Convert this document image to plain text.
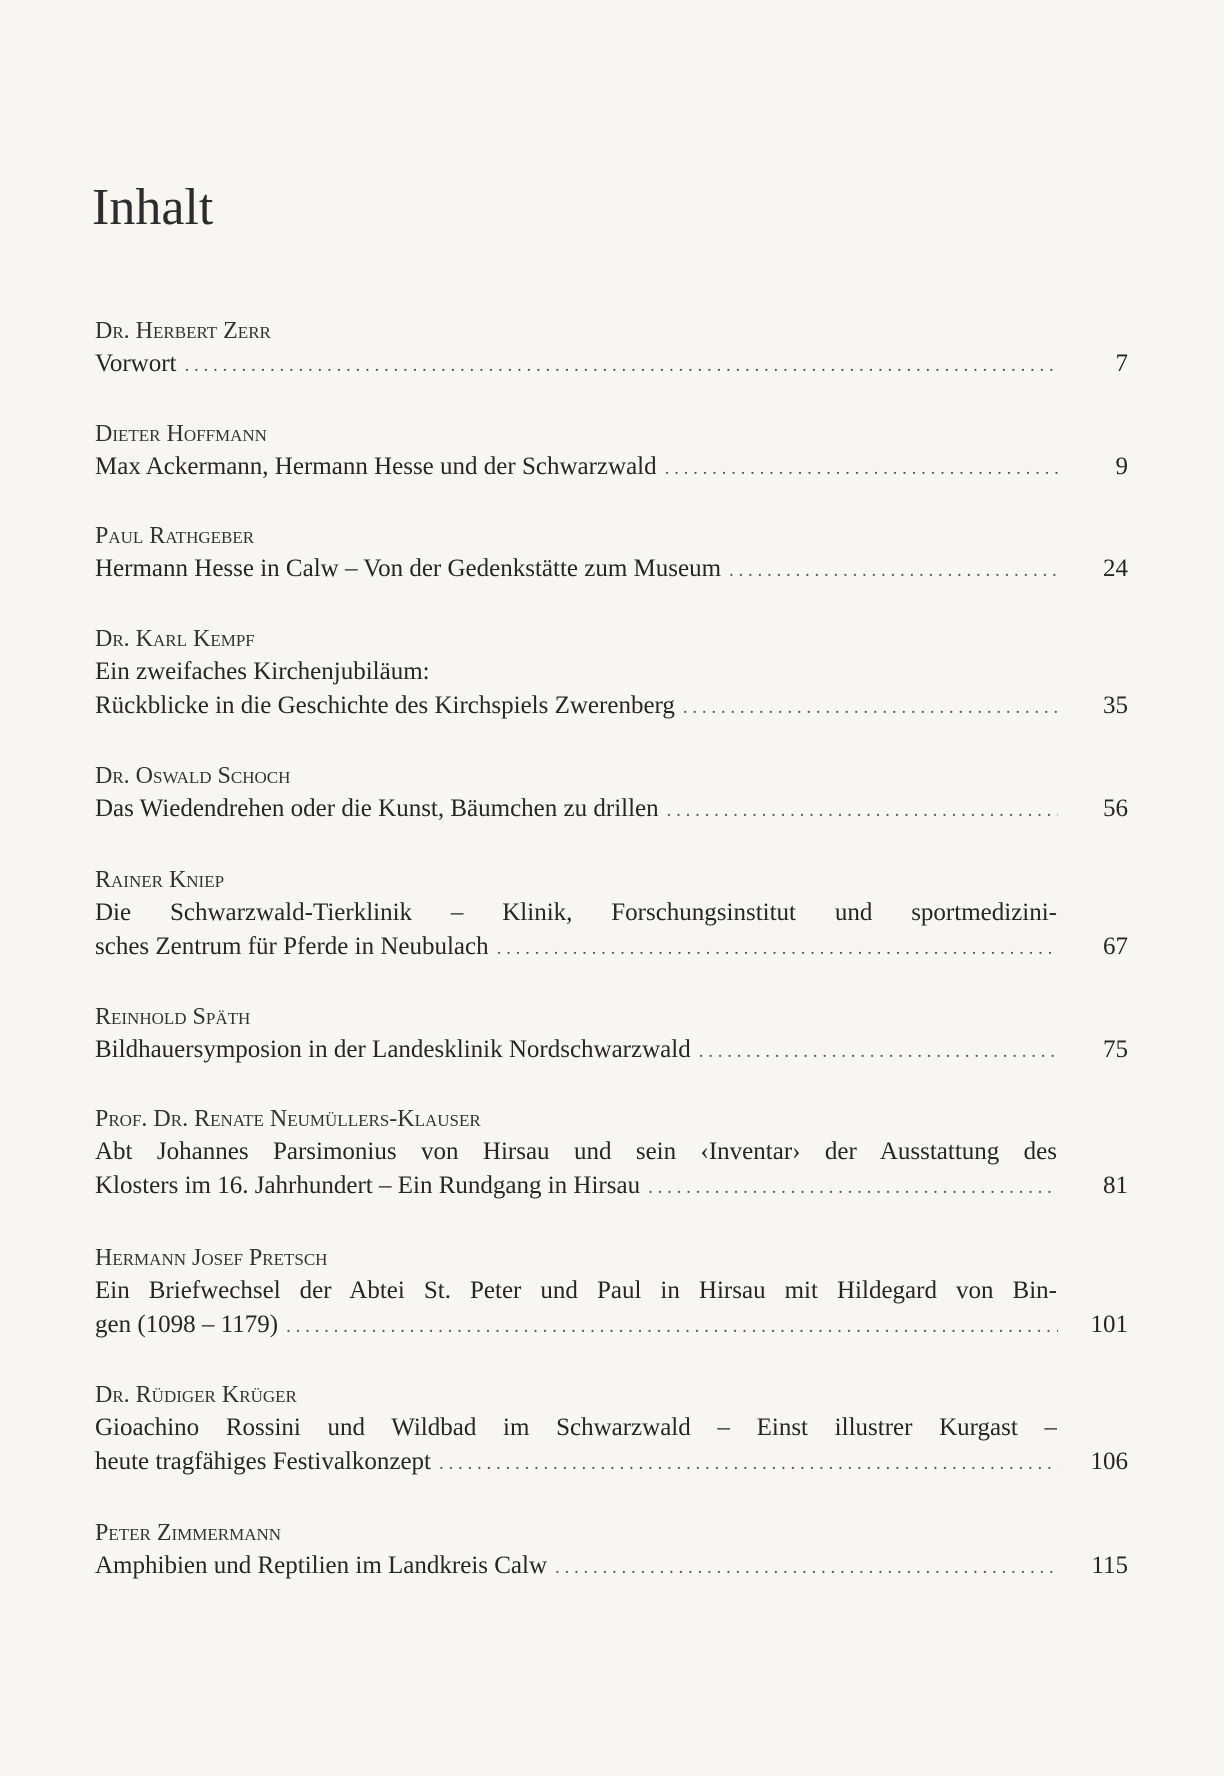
Inhalt
Dr. Herbert Zerr
Vorwort . . .	7
Dieter Hoffmann
Max Ackermann, Hermann Hesse und der Schwarzwald . . .	9
Paul Rathgeber
Hermann Hesse in Calw – Von der Gedenkstätte zum Museum . . .	24
Dr. Karl Kempf
Ein zweifaches Kirchenjubiläum:
Rückblicke in die Geschichte des Kirchspiels Zwerenberg . . .	35
Dr. Oswald Schoch
Das Wiedendrehen oder die Kunst, Bäumchen zu drillen . . .	56
Rainer Kniep
Die Schwarzwald-Tierklinik – Klinik, Forschungsinstitut und sportmedizini-
sches Zentrum für Pferde in Neubulach . . .	67
Reinhold Späth
Bildhauersymposion in der Landesklinik Nordschwarzwald . . .	75
Prof. Dr. Renate Neumüllers-Klauser
Abt Johannes Parsimonius von Hirsau und sein ‹Inventar› der Ausstattung des
Klosters im 16. Jahrhundert – Ein Rundgang in Hirsau . . .	81
Hermann Josef Pretsch
Ein Briefwechsel der Abtei St. Peter und Paul in Hirsau mit Hildegard von Bin-
gen (1098 – 1179) . . .	101
Dr. Rüdiger Krüger
Gioachino Rossini und Wildbad im Schwarzwald – Einst illustrer Kurgast –
heute tragfähiges Festivalkonzept . . .	106
Peter Zimmermann
Amphibien und Reptilien im Landkreis Calw . . .	115
